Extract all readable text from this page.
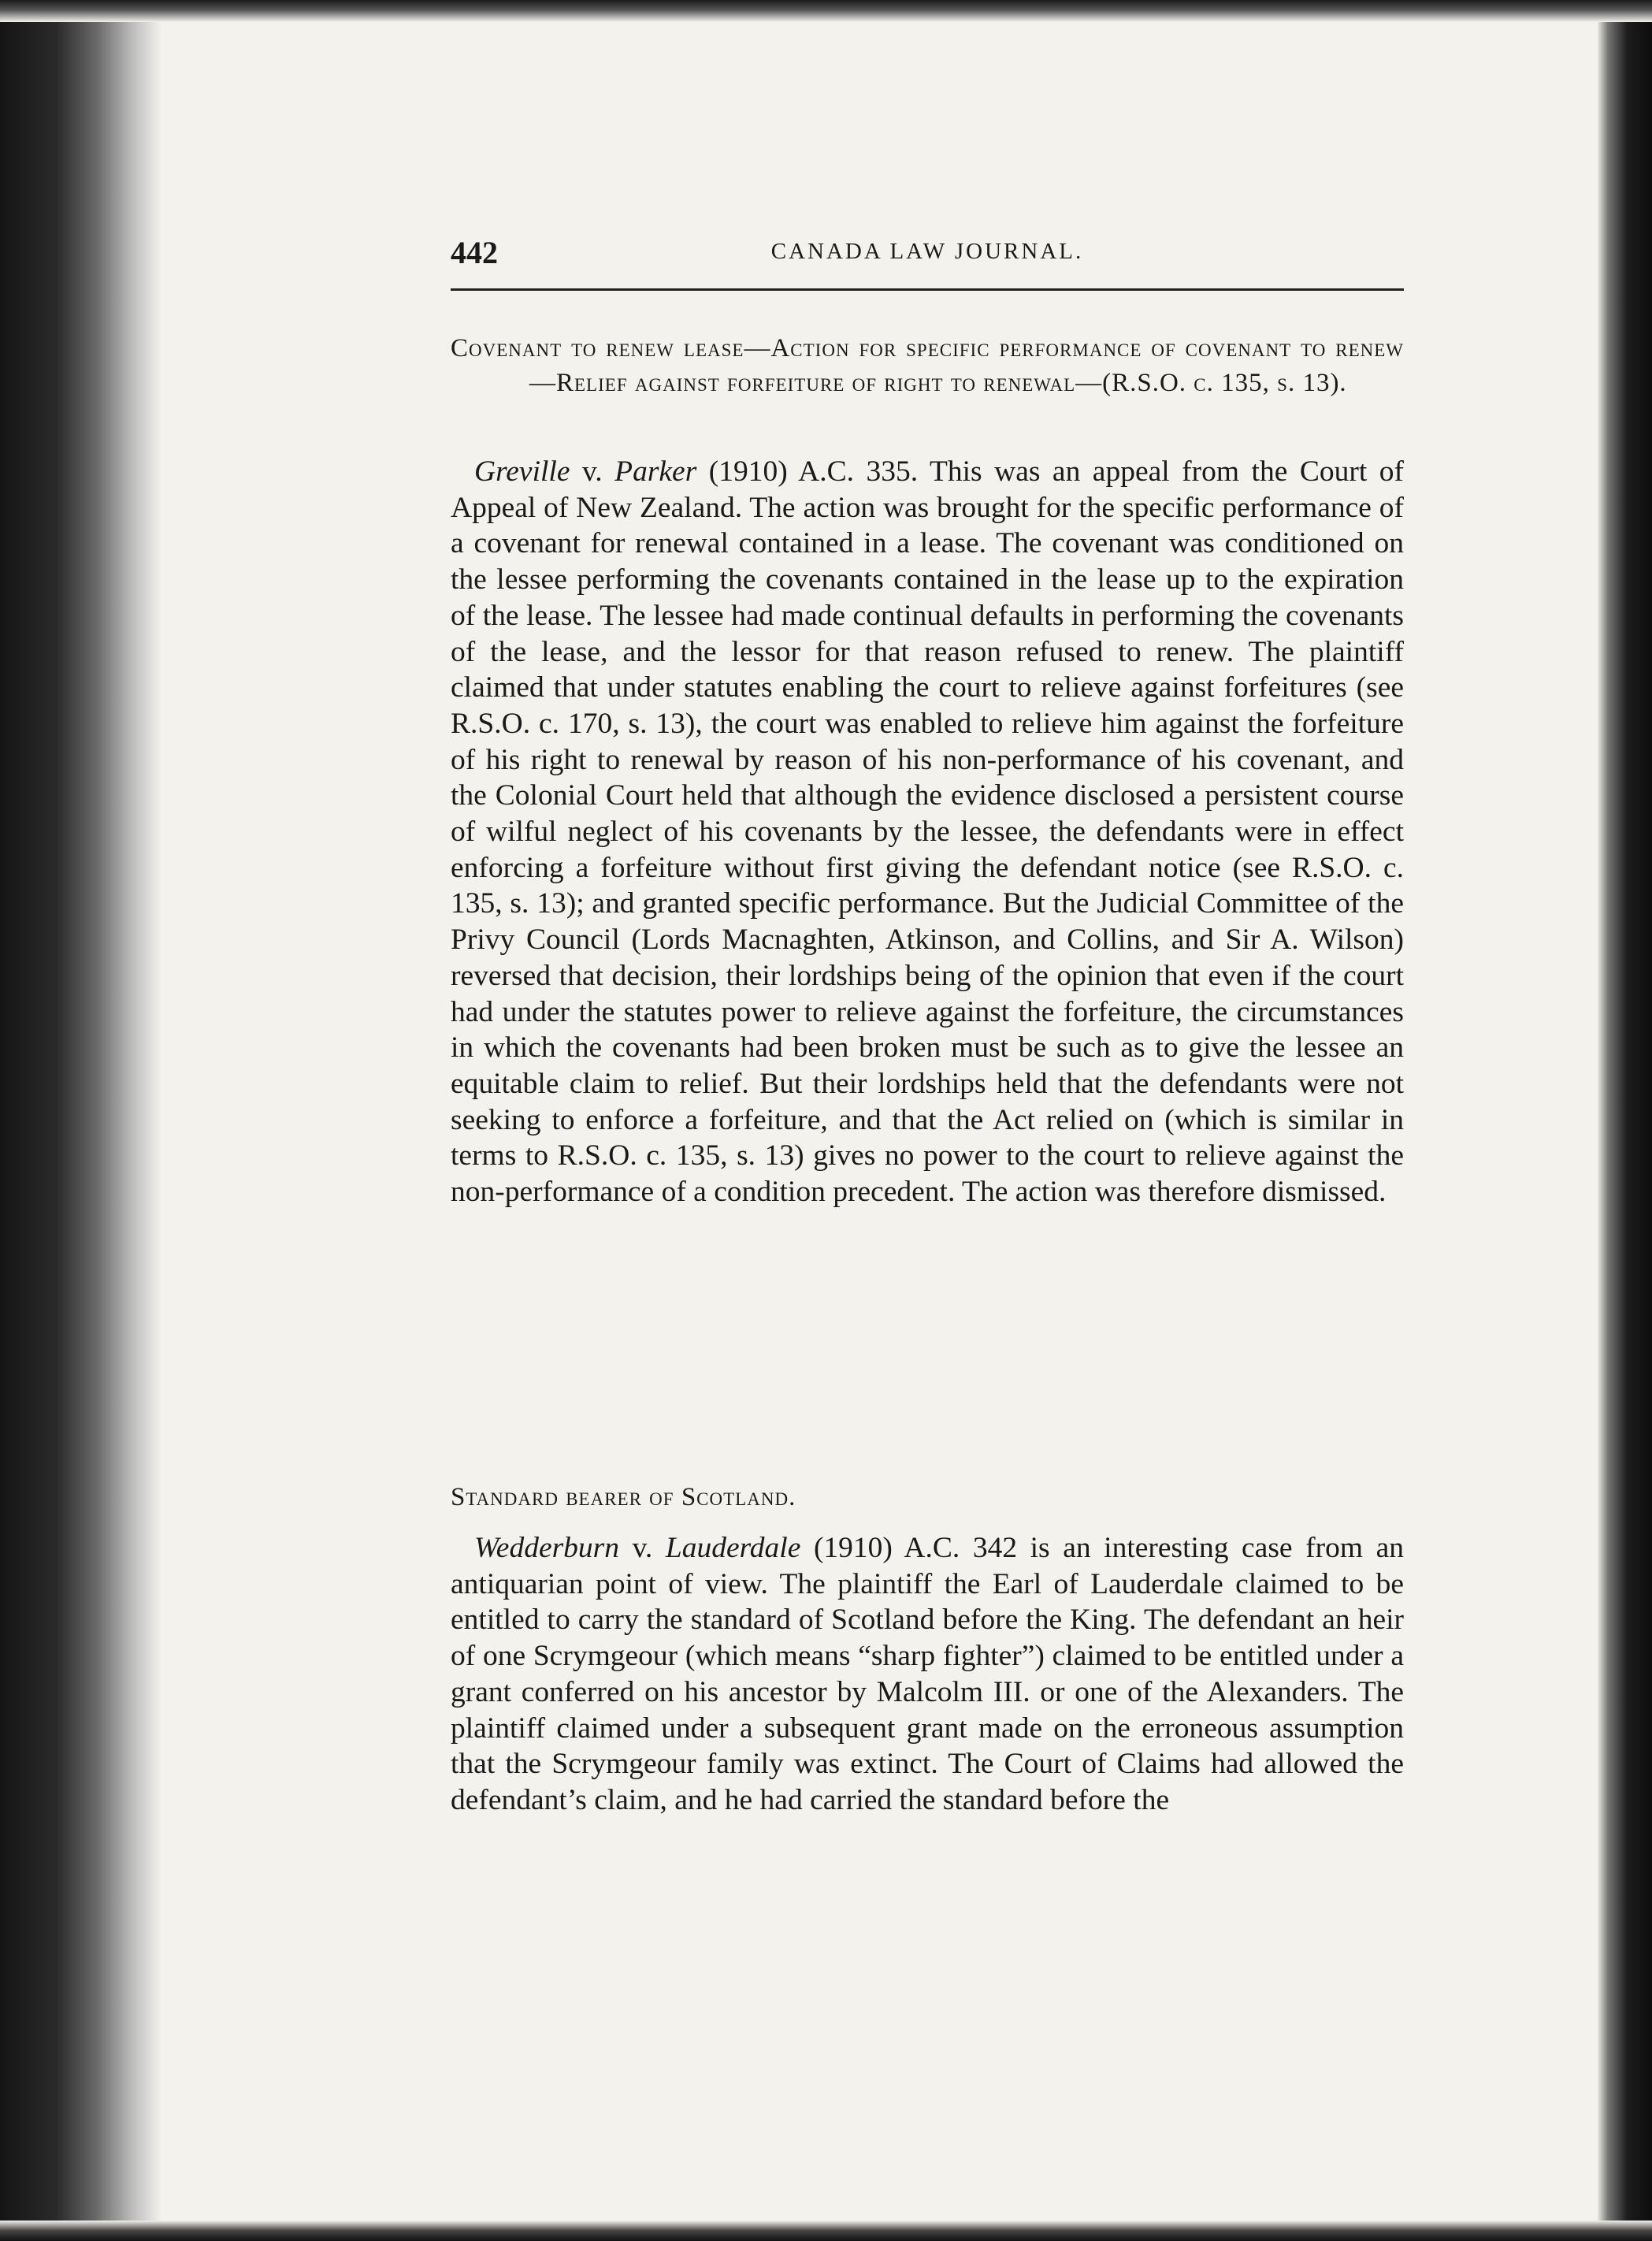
442	CANADA LAW JOURNAL.
Covenant to renew lease—Action for specific performance of covenant to renew—Relief against forfeiture of right to renewal—(R.S.O. c. 135, s. 13).

Greville v. Parker (1910) A.C. 335. This was an appeal from the Court of Appeal of New Zealand. The action was brought for the specific performance of a covenant for renewal contained in a lease. The covenant was conditioned on the lessee performing the covenants contained in the lease up to the expiration of the lease. The lessee had made continual defaults in performing the covenants of the lease, and the lessor for that reason refused to renew. The plaintiff claimed that under statutes enabling the court to relieve against forfeitures (see R.S.O. c. 170, s. 13), the court was enabled to relieve him against the forfeiture of his right to renewal by reason of his non-performance of his covenant, and the Colonial Court held that although the evidence disclosed a persistent course of wilful neglect of his covenants by the lessee, the defendants were in effect enforcing a forfeiture without first giving the defendant notice (see R.S.O. c. 135, s. 13); and granted specific performance. But the Judicial Committee of the Privy Council (Lords Macnaghten, Atkinson, and Collins, and Sir A. Wilson) reversed that decision, their lordships being of the opinion that even if the court had under the statutes power to relieve against the forfeiture, the circumstances in which the covenants had been broken must be such as to give the lessee an equitable claim to relief. But their lordships held that the defendants were not seeking to enforce a forfeiture, and that the Act relied on (which is similar in terms to R.S.O. c. 135, s. 13) gives no power to the court to relieve against the non-performance of a condition precedent. The action was therefore dismissed.

Standard bearer of Scotland.

Wedderburn v. Lauderdale (1910) A.C. 342 is an interesting case from an antiquarian point of view. The plaintiff the Earl of Lauderdale claimed to be entitled to carry the standard of Scotland before the King. The defendant an heir of one Scrymgeour (which means “sharp fighter”) claimed to be entitled under a grant conferred on his ancestor by Malcolm III. or one of the Alexanders. The plaintiff claimed under a subsequent grant made on the erroneous assumption that the Scrymgeour family was extinct. The Court of Claims had allowed the defendant’s claim, and he had carried the standard before the
